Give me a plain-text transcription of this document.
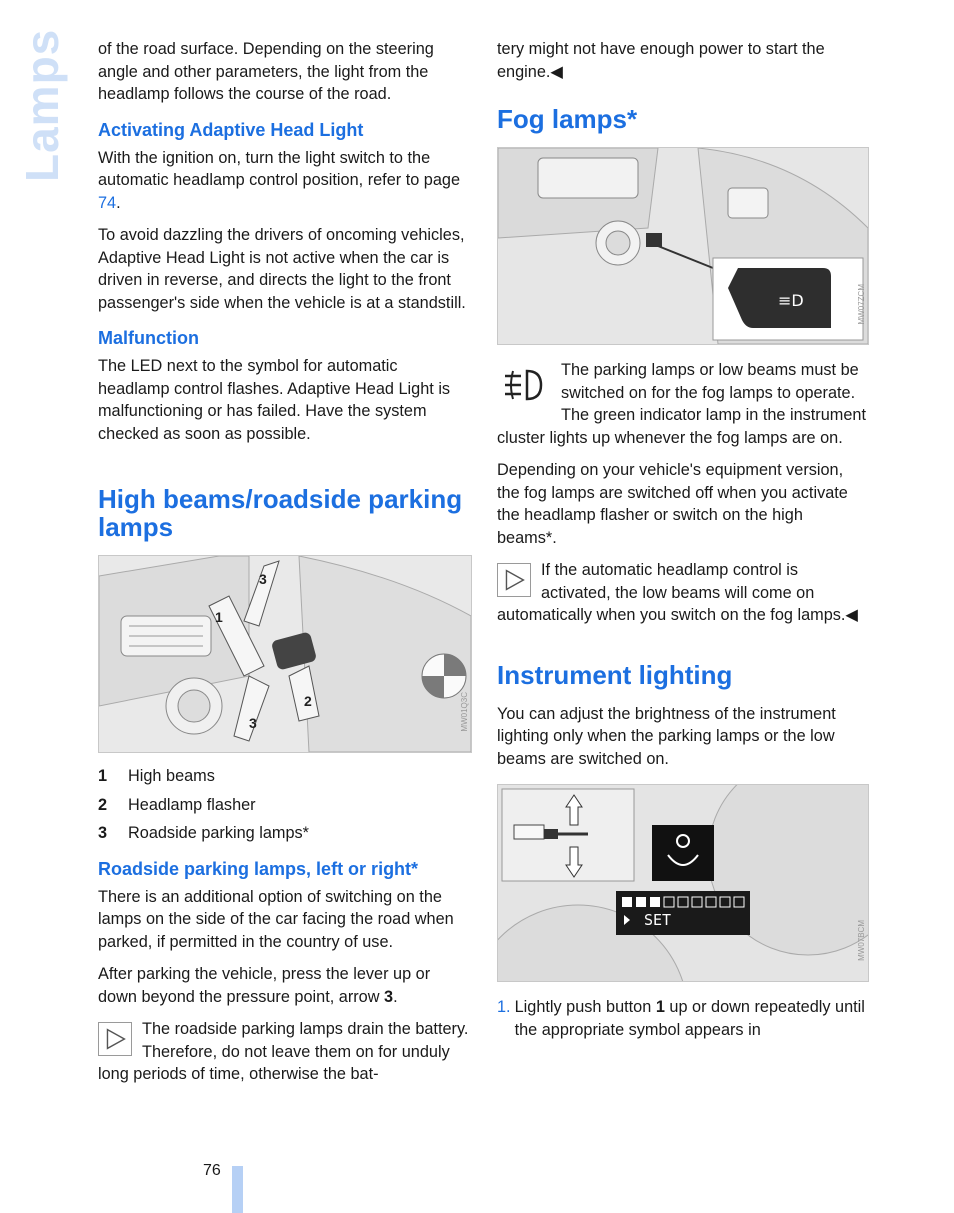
Lamps of the road surface. Depending on the steering angle and other parameters, the light from the headlamp follows the course of the road.

Activating Adaptive Head Light

With the ignition on, turn the light switch to the automatic headlamp control position, refer to page 74.

To avoid dazzling the drivers of oncoming vehicles, Adaptive Head Light is not active when the car is driven in reverse, and directs the light to the front passenger's side when the vehicle is at a standstill.

Malfunction

The LED next to the symbol for automatic headlamp control flashes. Adaptive Head Light is malfunctioning or has failed. Have the system checked as soon as possible.

High beams/roadside parking lamps
1
3
2
3	MW01Q3C
1	High beams
2	Headlamp flasher
3	Roadside parking lamps*
Roadside parking lamps, left or right*

There is an additional option of switching on the lamps on the side of the car facing the road when parked, if permitted in the country of use.

After parking the vehicle, press the lever up or down beyond the pressure point, arrow 3.

The roadside parking lamps drain the battery. Therefore, do not leave them on for unduly long periods of time, otherwise the bat-

tery might not have enough power to start the engine.◀

Fog lamps*
≡D	MW07ZCM

The parking lamps or low beams must be switched on for the fog lamps to operate. The green indicator lamp in the instrument cluster lights up whenever the fog lamps are on.

Depending on your vehicle's equipment version, the fog lamps are switched off when you activate the headlamp flasher or switch on the high beams*.

If the automatic headlamp control is activated, the low beams will come on automatically when you switch on the fog lamps.◀

Instrument lighting

You can adjust the brightness of the instrument lighting only when the parking lamps or the low beams are switched on.

SET
MW07BCM
1. Lightly push button 1 up or down repeatedly until the appropriate symbol appears in
76
